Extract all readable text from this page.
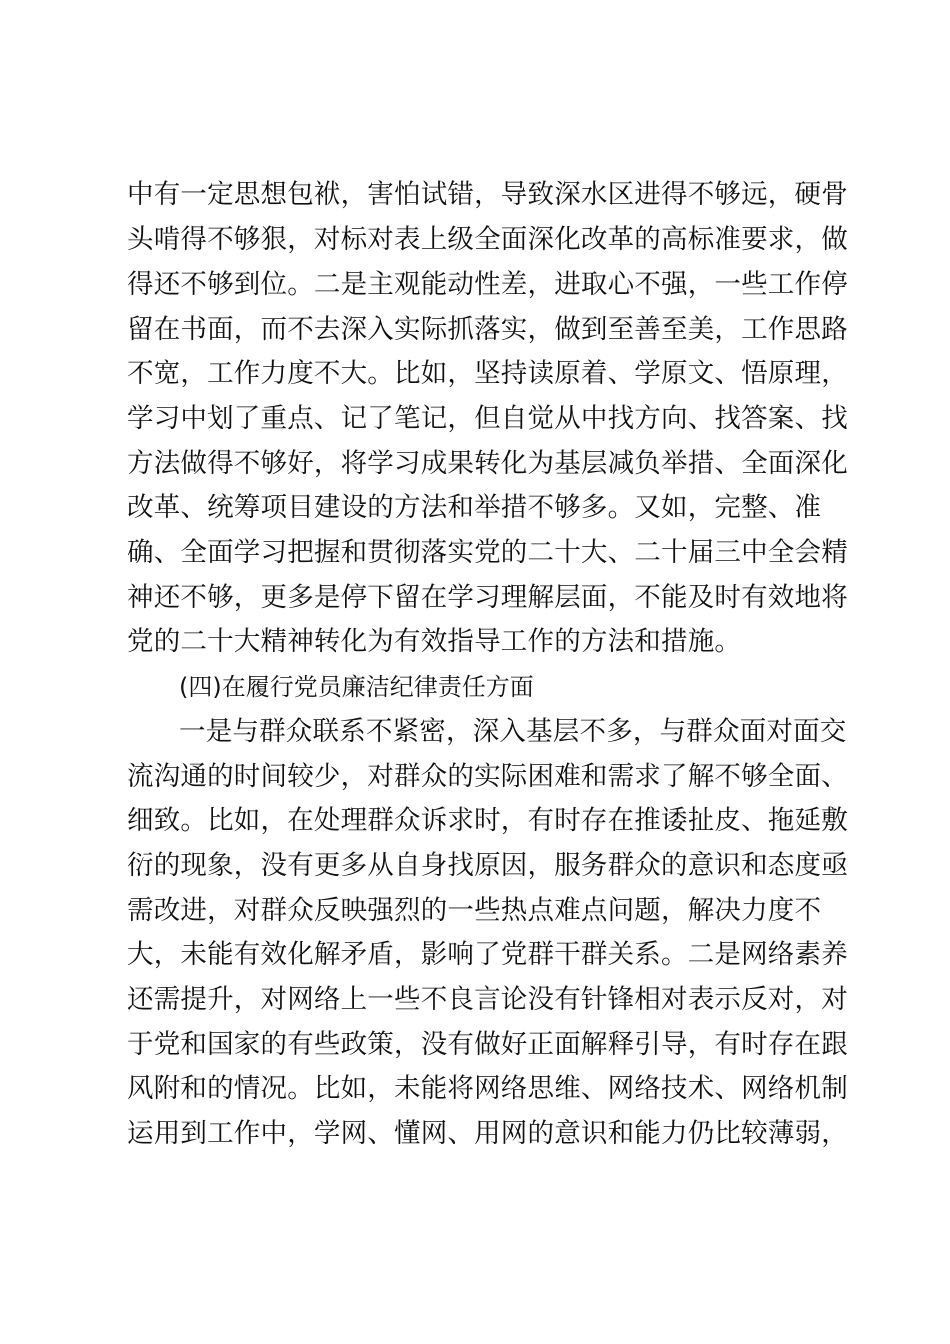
中有一定思想包袱，害怕试错，导致深水区进得不够远，硬骨
头啃得不够狠，对标对表上级全面深化改革的高标准要求，做
得还不够到位。二是主观能动性差，进取心不强，一些工作停
留在书面，而不去深入实际抓落实，做到至善至美，工作思路
不宽，工作力度不大。比如，坚持读原着、学原文、悟原理，
学习中划了重点、记了笔记，但自觉从中找方向、找答案、找
方法做得不够好，将学习成果转化为基层减负举措、全面深化
改革、统筹项目建设的方法和举措不够多。又如，完整、准
确、全面学习把握和贯彻落实党的二十大、二十届三中全会精
神还不够，更多是停下留在学习理解层面，不能及时有效地将
党的二十大精神转化为有效指导工作的方法和措施。
(四)在履行党员廉洁纪律责任方面
一是与群众联系不紧密，深入基层不多，与群众面对面交
流沟通的时间较少，对群众的实际困难和需求了解不够全面、
细致。比如，在处理群众诉求时，有时存在推诿扯皮、拖延敷
衍的现象，没有更多从自身找原因，服务群众的意识和态度亟
需改进，对群众反映强烈的一些热点难点问题，解决力度不
大，未能有效化解矛盾，影响了党群干群关系。二是网络素养
还需提升，对网络上一些不良言论没有针锋相对表示反对，对
于党和国家的有些政策，没有做好正面解释引导，有时存在跟
风附和的情况。比如，未能将网络思维、网络技术、网络机制
运用到工作中，学网、懂网、用网的意识和能力仍比较薄弱，
